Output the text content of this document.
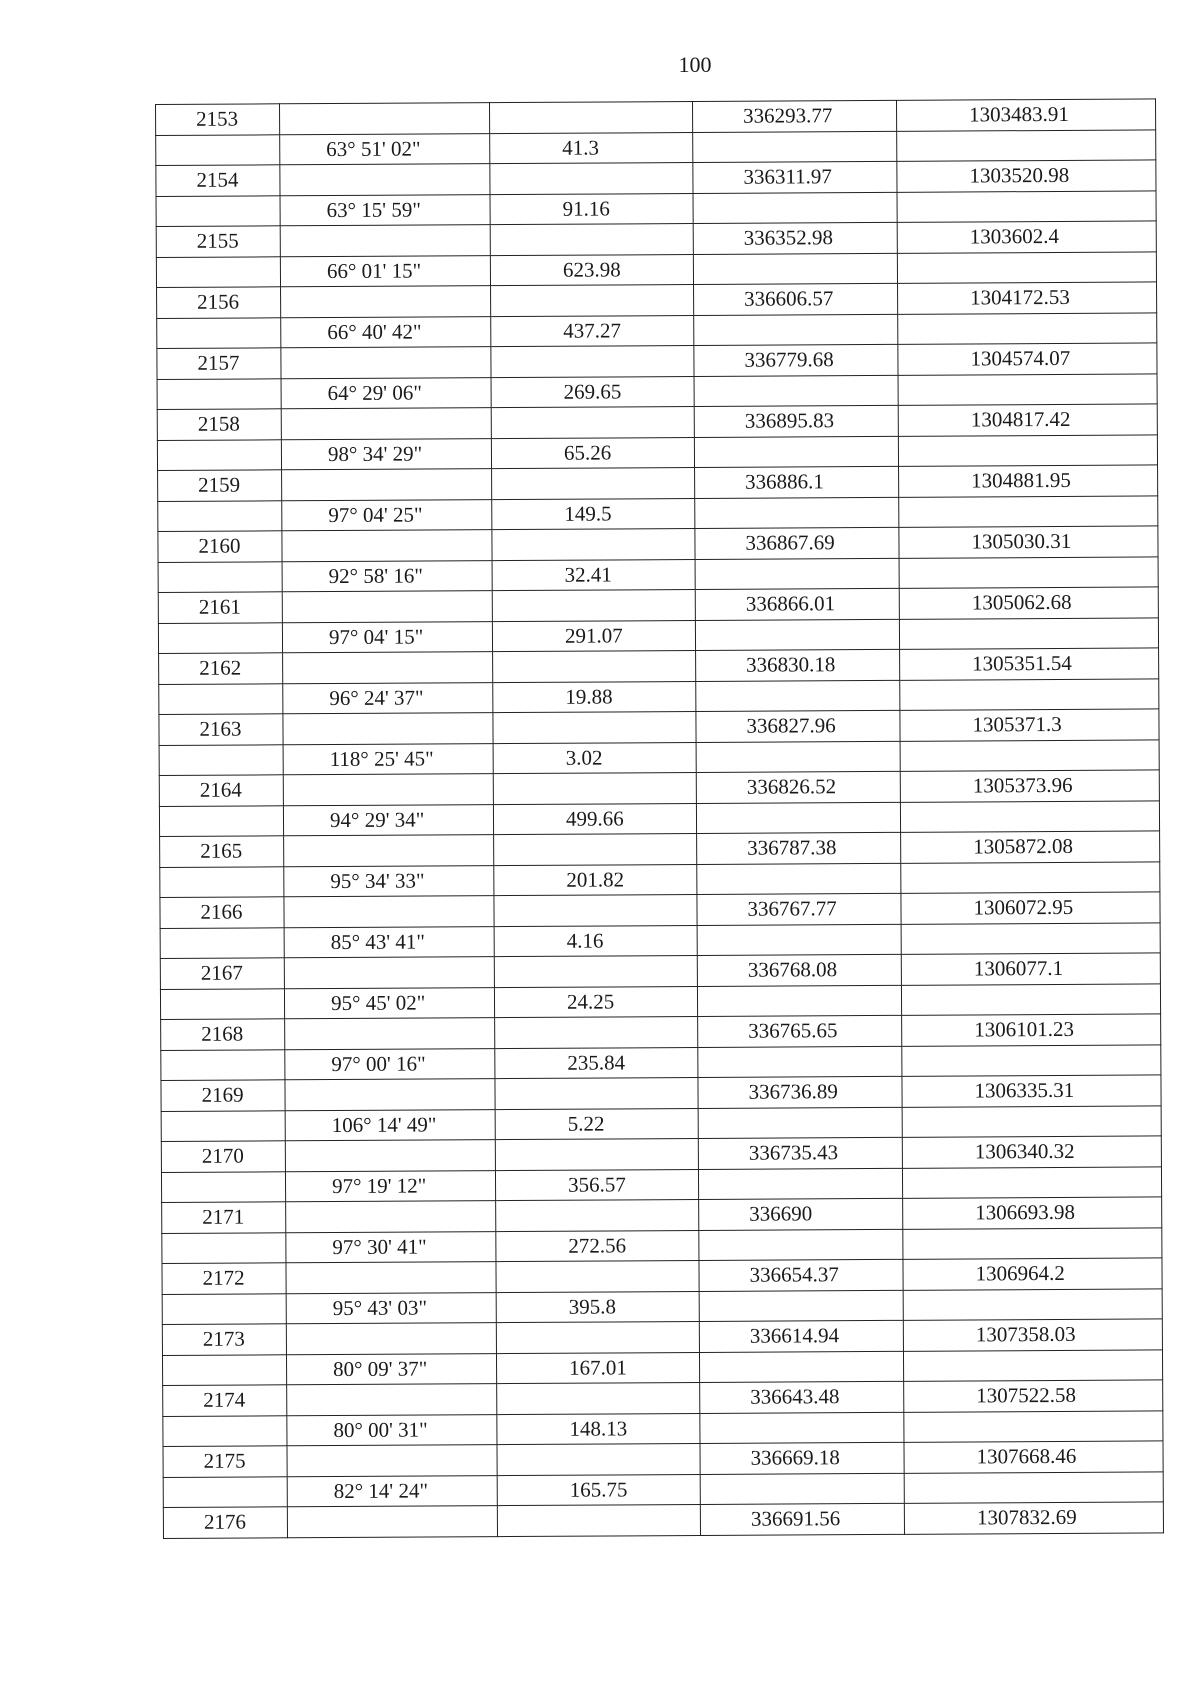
100
2153			336293.77	1303483.91
	63° 51' 02"	41.3		
2154			336311.97	1303520.98
	63° 15' 59"	91.16		
2155			336352.98	1303602.4
	66° 01' 15"	623.98		
2156			336606.57	1304172.53
	66° 40' 42"	437.27		
2157			336779.68	1304574.07
	64° 29' 06"	269.65		
2158			336895.83	1304817.42
	98° 34' 29"	65.26		
2159			336886.1	1304881.95
	97° 04' 25"	149.5		
2160			336867.69	1305030.31
	92° 58' 16"	32.41		
2161			336866.01	1305062.68
	97° 04' 15"	291.07		
2162			336830.18	1305351.54
	96° 24' 37"	19.88		
2163			336827.96	1305371.3
	118° 25' 45"	3.02		
2164			336826.52	1305373.96
	94° 29' 34"	499.66		
2165			336787.38	1305872.08
	95° 34' 33"	201.82		
2166			336767.77	1306072.95
	85° 43' 41"	4.16		
2167			336768.08	1306077.1
	95° 45' 02"	24.25		
2168			336765.65	1306101.23
	97° 00' 16"	235.84		
2169			336736.89	1306335.31
	106° 14' 49"	5.22		
2170			336735.43	1306340.32
	97° 19' 12"	356.57		
2171			336690	1306693.98
	97° 30' 41"	272.56		
2172			336654.37	1306964.2
	95° 43' 03"	395.8		
2173			336614.94	1307358.03
	80° 09' 37"	167.01		
2174			336643.48	1307522.58
	80° 00' 31"	148.13		
2175			336669.18	1307668.46
	82° 14' 24"	165.75		
2176			336691.56	1307832.69
